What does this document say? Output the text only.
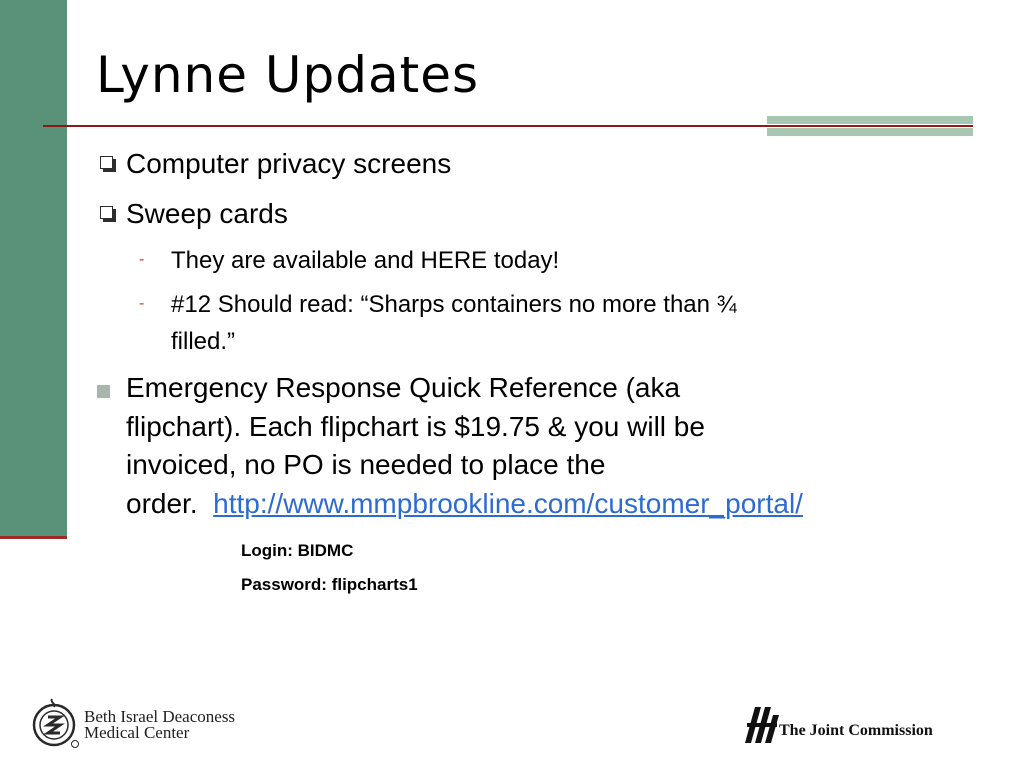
Lynne Updates
Computer privacy screens
Sweep cards
- They are available and HERE today!
- #12 Should read: “Sharps containers no more than ¾
filled.”
Emergency Response Quick Reference (aka
flipchart). Each flipchart is $19.75 & you will be
invoiced, no PO is needed to place the
order.  http://www.mmpbrookline.com/customer_portal/
Login: BIDMC
Password: flipcharts1
Beth Israel Deaconess
Medical Center	The Joint Commission
